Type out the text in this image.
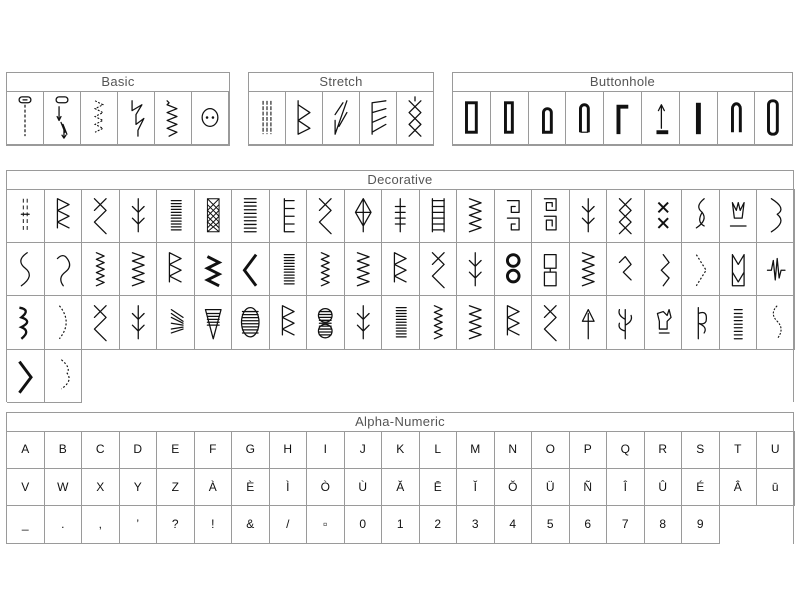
Basic	Stretch	Buttonhole
Decorative
Alpha-Numeric
A	B	C	D	E	F	G	H	I	J	K	L	M	N	O	P	Q	R	S	T	U
V	W	X	Y	Z	À	È	Ì	Ò	Ù	Ă	Ē	Ĭ	Ŏ	Ü	Ñ	Î	Û	É	Â	ū
_	.	,	’	?	!	&	/	▫	0	1	2	3	4	5	6	7	8	9
